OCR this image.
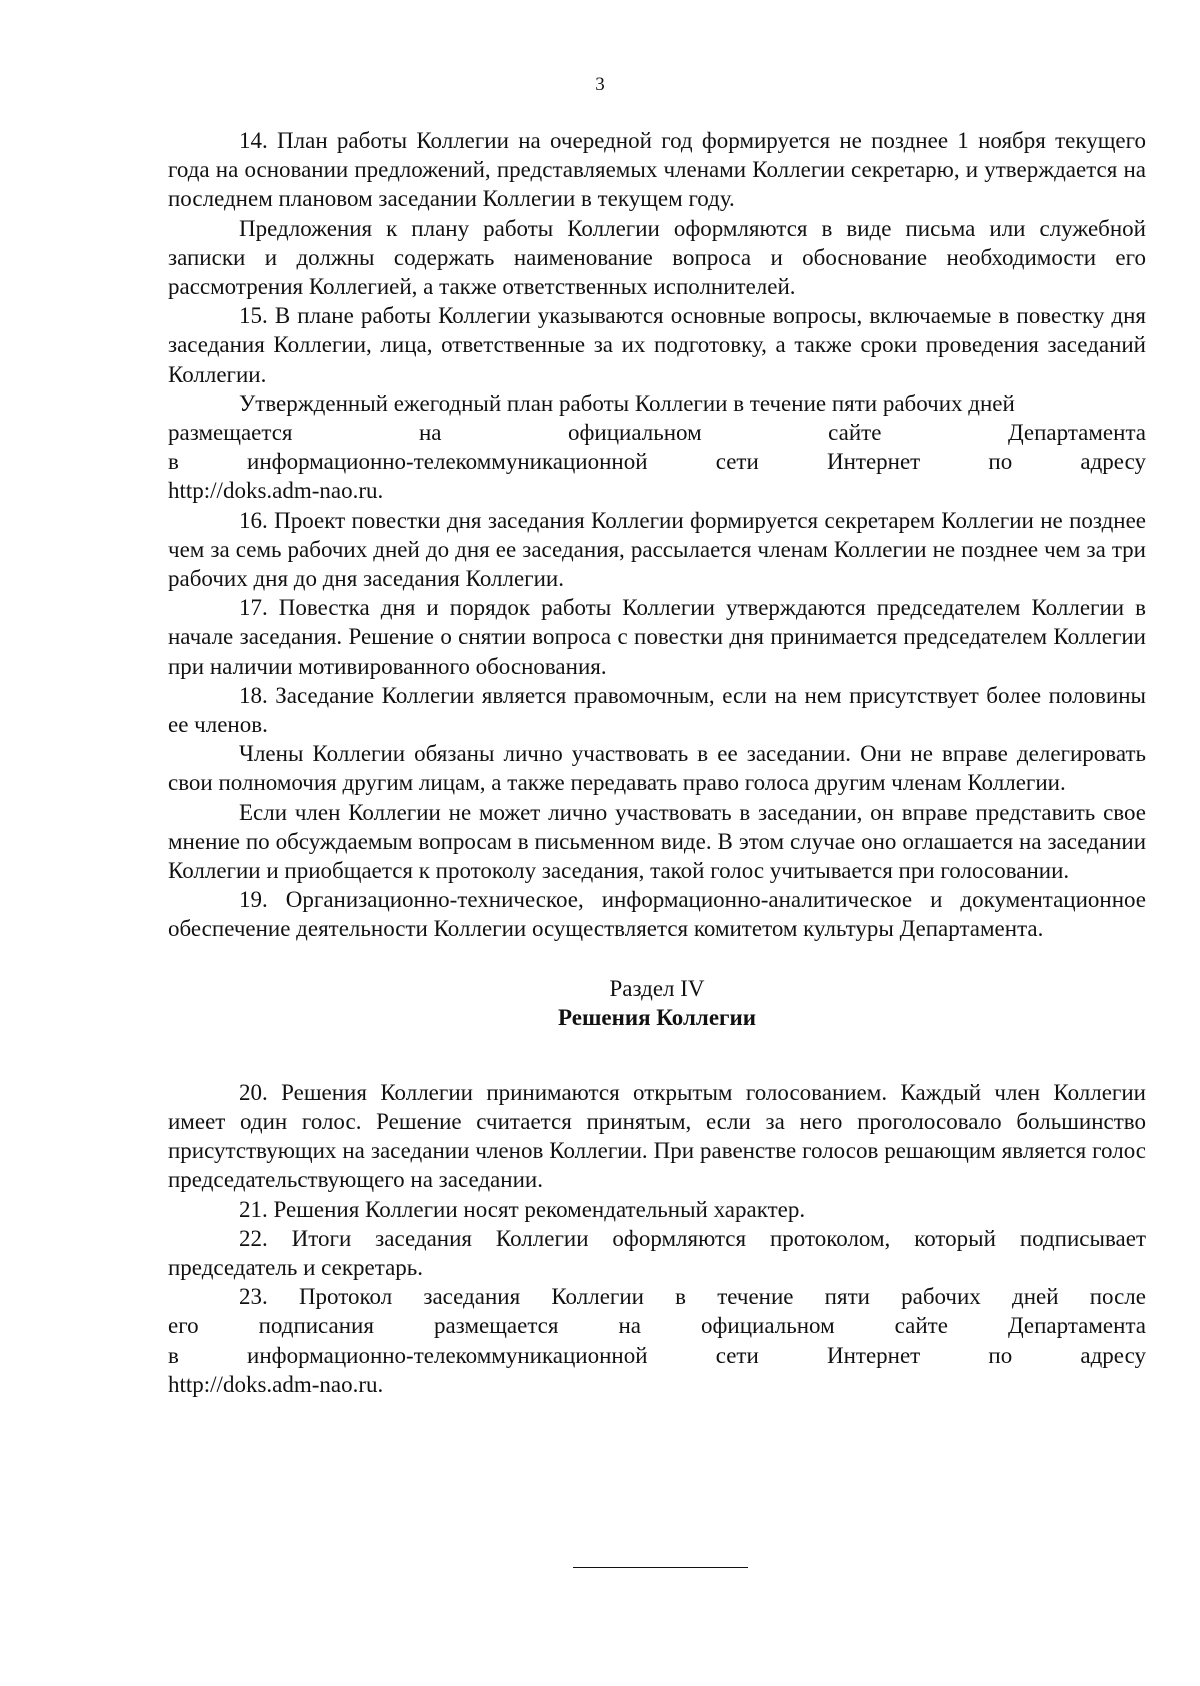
3

14. План работы Коллегии на очередной год формируется не позднее 1 ноября текущего года на основании предложений, представляемых членами Коллегии секретарю, и утверждается на последнем плановом заседании Коллегии в текущем году.

Предложения к плану работы Коллегии оформляются в виде письма или служебной записки и должны содержать наименование вопроса и обоснование необходимости его рассмотрения Коллегией, а также ответственных исполнителей.

15. В плане работы Коллегии указываются основные вопросы, включаемые в повестку дня заседания Коллегии, лица, ответственные за их подготовку, а также сроки проведения заседаний Коллегии.

Утвержденный ежегодный план работы Коллегии в течение пяти рабочих дней
размещается на официальном сайте Департамента
в информационно-телекоммуникационной сети Интернет по адресу
http://doks.adm-nao.ru.

16. Проект повестки дня заседания Коллегии формируется секретарем Коллегии не позднее чем за семь рабочих дней до дня ее заседания, рассылается членам Коллегии не позднее чем за три рабочих дня до дня заседания Коллегии.

17. Повестка дня и порядок работы Коллегии утверждаются председателем Коллегии в начале заседания. Решение о снятии вопроса с повестки дня принимается председателем Коллегии при наличии мотивированного обоснования.

18. Заседание Коллегии является правомочным, если на нем присутствует более половины ее членов.

Члены Коллегии обязаны лично участвовать в ее заседании. Они не вправе делегировать свои полномочия другим лицам, а также передавать право голоса другим членам Коллегии.

Если член Коллегии не может лично участвовать в заседании, он вправе представить свое мнение по обсуждаемым вопросам в письменном виде. В этом случае оно оглашается на заседании Коллегии и приобщается к протоколу заседания, такой голос учитывается при голосовании.

19. Организационно-техническое, информационно-аналитическое и документационное обеспечение деятельности Коллегии осуществляется комитетом культуры Департамента.

Раздел IV
Решения Коллегии

20. Решения Коллегии принимаются открытым голосованием. Каждый член Коллегии имеет один голос. Решение считается принятым, если за него проголосовало большинство присутствующих на заседании членов Коллегии. При равенстве голосов решающим является голос председательствующего на заседании.

21. Решения Коллегии носят рекомендательный характер.

22. Итоги заседания Коллегии оформляются протоколом, который подписывает председатель и секретарь.

23. Протокол заседания Коллегии в течение пяти рабочих дней после
его подписания размещается на официальном сайте Департамента
в информационно-телекоммуникационной сети Интернет по адресу
http://doks.adm-nao.ru.
